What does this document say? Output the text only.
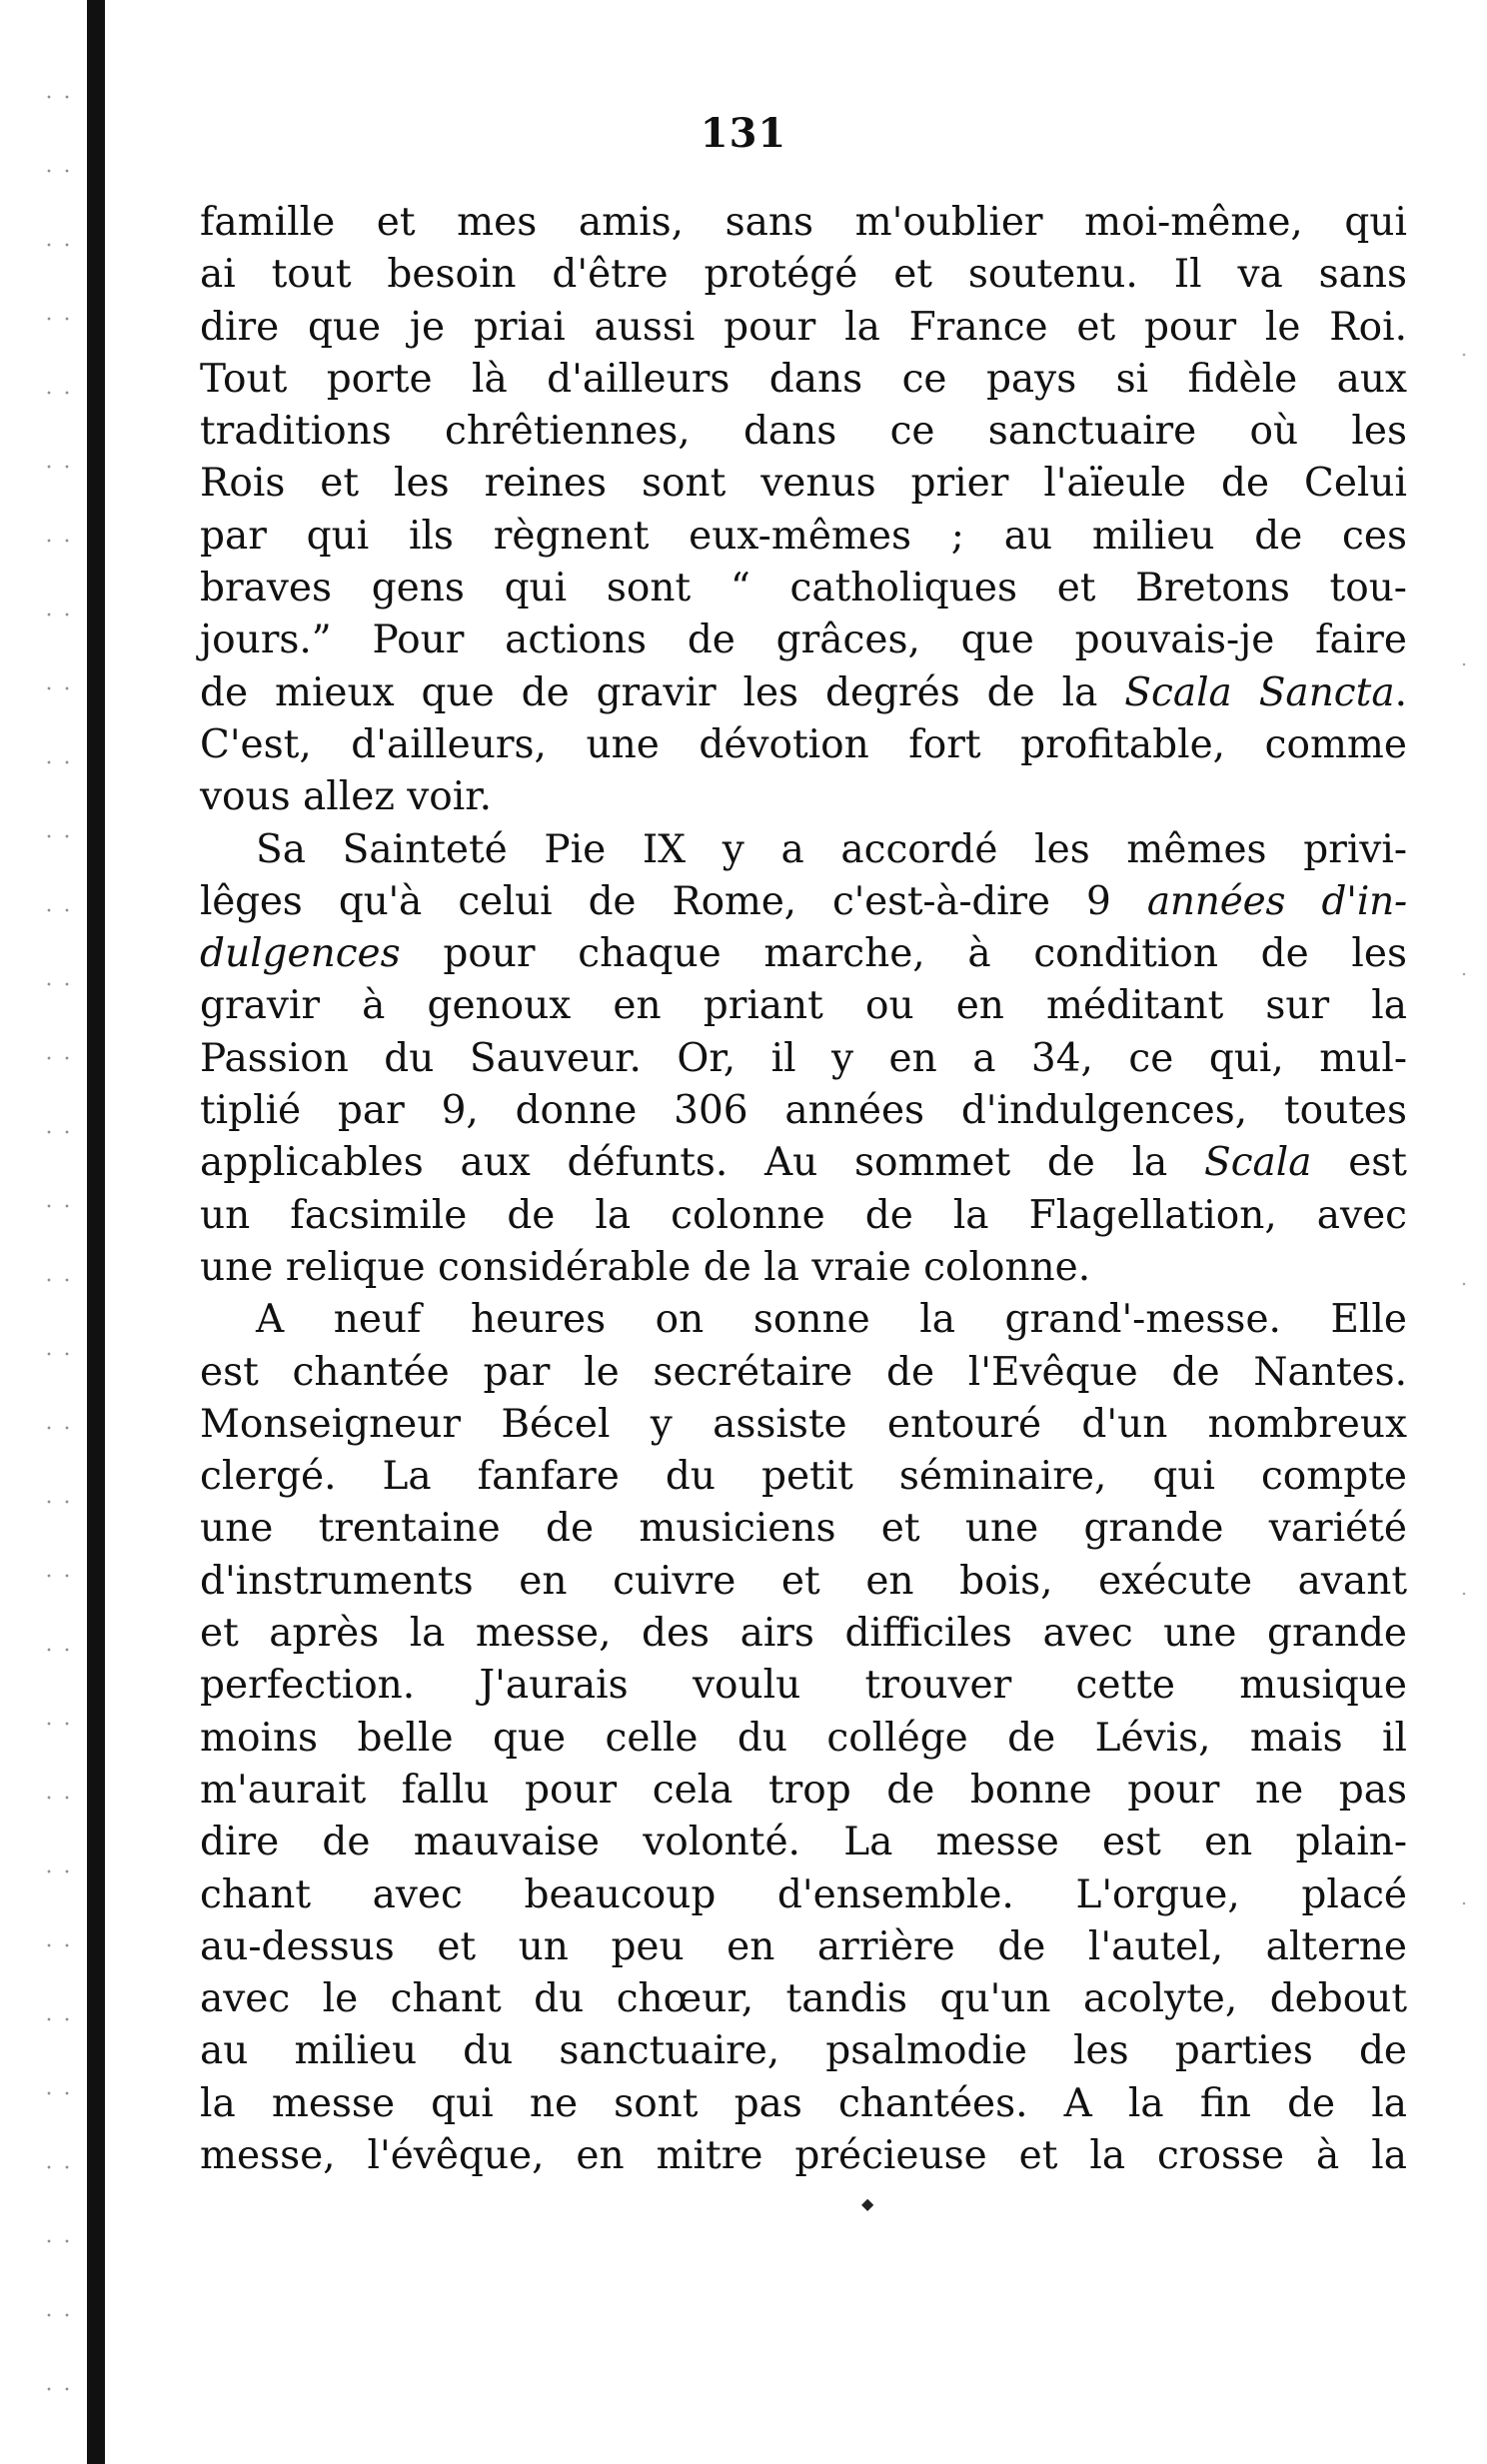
131
famille et mes amis, sans m'oublier moi-même, qui
ai tout besoin d'être protégé et soutenu. Il va sans
dire que je priai aussi pour la France et pour le Roi.
Tout porte là d'ailleurs dans ce pays si fidèle aux
traditions chrêtiennes, dans ce sanctuaire où les
Rois et les reines sont venus prier l'aïeule de Celui
par qui ils règnent eux-mêmes ; au milieu de ces
braves gens qui sont “ catholiques et Bretons tou-
jours.” Pour actions de grâces, que pouvais-je faire
de mieux que de gravir les degrés de la Scala Sancta.
C'est, d'ailleurs, une dévotion fort profitable, comme
vous allez voir.
Sa Sainteté Pie IX y a accordé les mêmes privi-
lêges qu'à celui de Rome, c'est-à-dire 9 années d'in-
dulgences pour chaque marche, à condition de les
gravir à genoux en priant ou en méditant sur la
Passion du Sauveur. Or, il y en a 34, ce qui, mul-
tiplié par 9, donne 306 années d'indulgences, toutes
applicables aux défunts. Au sommet de la Scala est
un facsimile de la colonne de la Flagellation, avec
une relique considérable de la vraie colonne.
A neuf heures on sonne la grand'-messe. Elle
est chantée par le secrétaire de l'Evêque de Nantes.
Monseigneur Bécel y assiste entouré d'un nombreux
clergé. La fanfare du petit séminaire, qui compte
une trentaine de musiciens et une grande variété
d'instruments en cuivre et en bois, exécute avant
et après la messe, des airs difficiles avec une grande
perfection. J'aurais voulu trouver cette musique
moins belle que celle du collége de Lévis, mais il
m'aurait fallu pour cela trop de bonne pour ne pas
dire de mauvaise volonté. La messe est en plain-
chant avec beaucoup d'ensemble. L'orgue, placé
au-dessus et un peu en arrière de l'autel, alterne
avec le chant du chœur, tandis qu'un acolyte, debout
au milieu du sanctuaire, psalmodie les parties de
la messe qui ne sont pas chantées. A la fin de la
messe, l'évêque, en mitre précieuse et la crosse à la
◆
